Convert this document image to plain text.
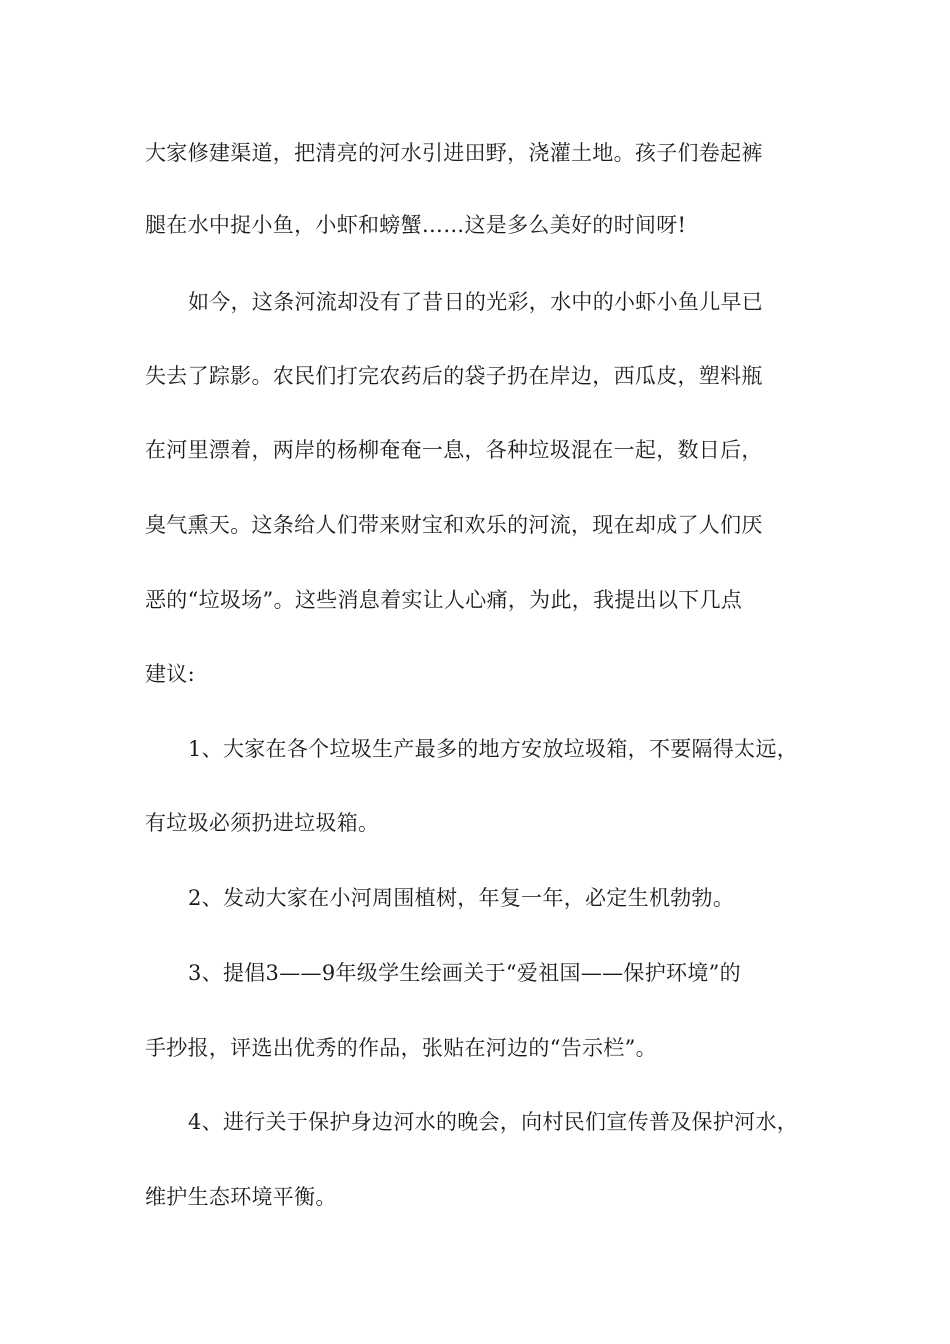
大家修建渠道，把清亮的河水引进田野，浇灌土地。孩子们卷起裤
腿在水中捉小鱼，小虾和螃蟹……这是多么美好的时间呀!
如今，这条河流却没有了昔日的光彩，水中的小虾小鱼儿早已
失去了踪影。农民们打完农药后的袋子扔在岸边，西瓜皮，塑料瓶
在河里漂着，两岸的杨柳奄奄一息，各种垃圾混在一起，数日后，
臭气熏天。这条给人们带来财宝和欢乐的河流，现在却成了人们厌
恶的“垃圾场”。这些消息着实让人心痛，为此，我提出以下几点
建议:
1、大家在各个垃圾生产最多的地方安放垃圾箱，不要隔得太远，
有垃圾必须扔进垃圾箱。
2、发动大家在小河周围植树，年复一年，必定生机勃勃。
3、提倡3——9年级学生绘画关于“爱祖国——保护环境”的
手抄报，评选出优秀的作品，张贴在河边的“告示栏”。
4、进行关于保护身边河水的晚会，向村民们宣传普及保护河水，
维护生态环境平衡。
